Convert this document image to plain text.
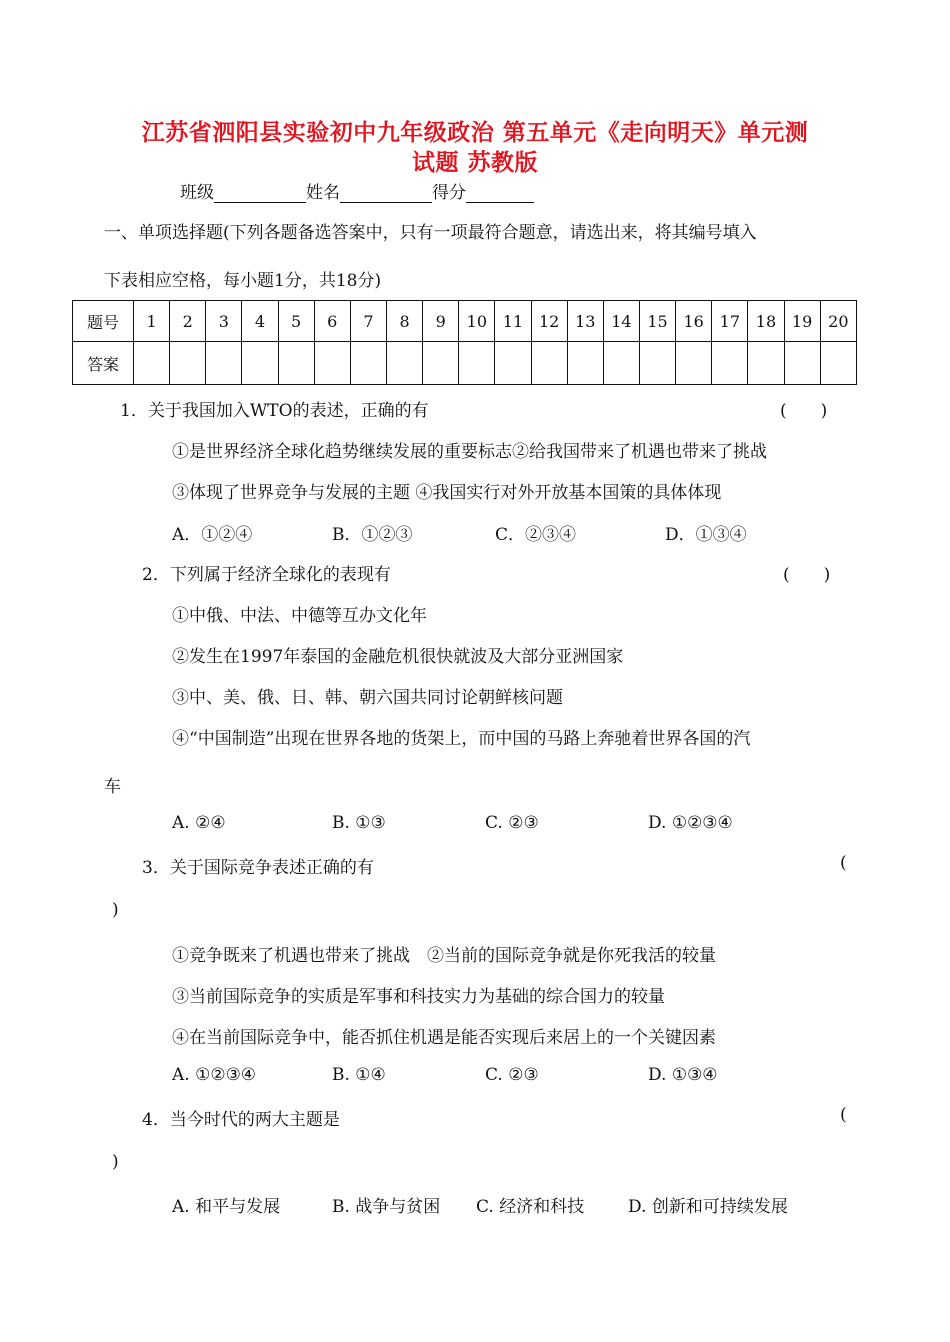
江苏省泗阳县实验初中九年级政治 第五单元《走向明天》单元测
试题 苏教版
班级	姓名	得分
一、单项选择题(下列各题备选答案中，只有一项最符合题意，请选出来，将其编号填入
下表相应空格，每小题1分，共18分)
题号	1	2	3	4	5	6	7	8	9	10	11	12	13	14	15	16	17	18	19	20
答案																				
1．关于我国加入WTO的表述，正确的有	(　　)
①是世界经济全球化趋势继续发展的重要标志②给我国带来了机遇也带来了挑战
③体现了世界竞争与发展的主题 ④我国实行对外开放基本国策的具体体现
A．①②④	B．①②③	C．②③④	D．①③④
2．下列属于经济全球化的表现有	(　　)
①中俄、中法、中德等互办文化年
②发生在1997年泰国的金融危机很快就波及大部分亚洲国家
③中、美、俄、日、韩、朝六国共同讨论朝鲜核问题
④“中国制造”出现在世界各地的货架上，而中国的马路上奔驰着世界各国的汽
车
A. ②④	B. ①③	C. ②③	D. ①②③④
3．关于国际竞争表述正确的有	(
)
①竞争既来了机遇也带来了挑战　②当前的国际竞争就是你死我活的较量
③当前国际竞争的实质是军事和科技实力为基础的综合国力的较量
④在当前国际竞争中，能否抓住机遇是能否实现后来居上的一个关键因素
A. ①②③④	B. ①④	C. ②③	D. ①③④
4．当今时代的两大主题是	(
)
A. 和平与发展	B. 战争与贫困 C. 经济和科技	D. 创新和可持续发展
